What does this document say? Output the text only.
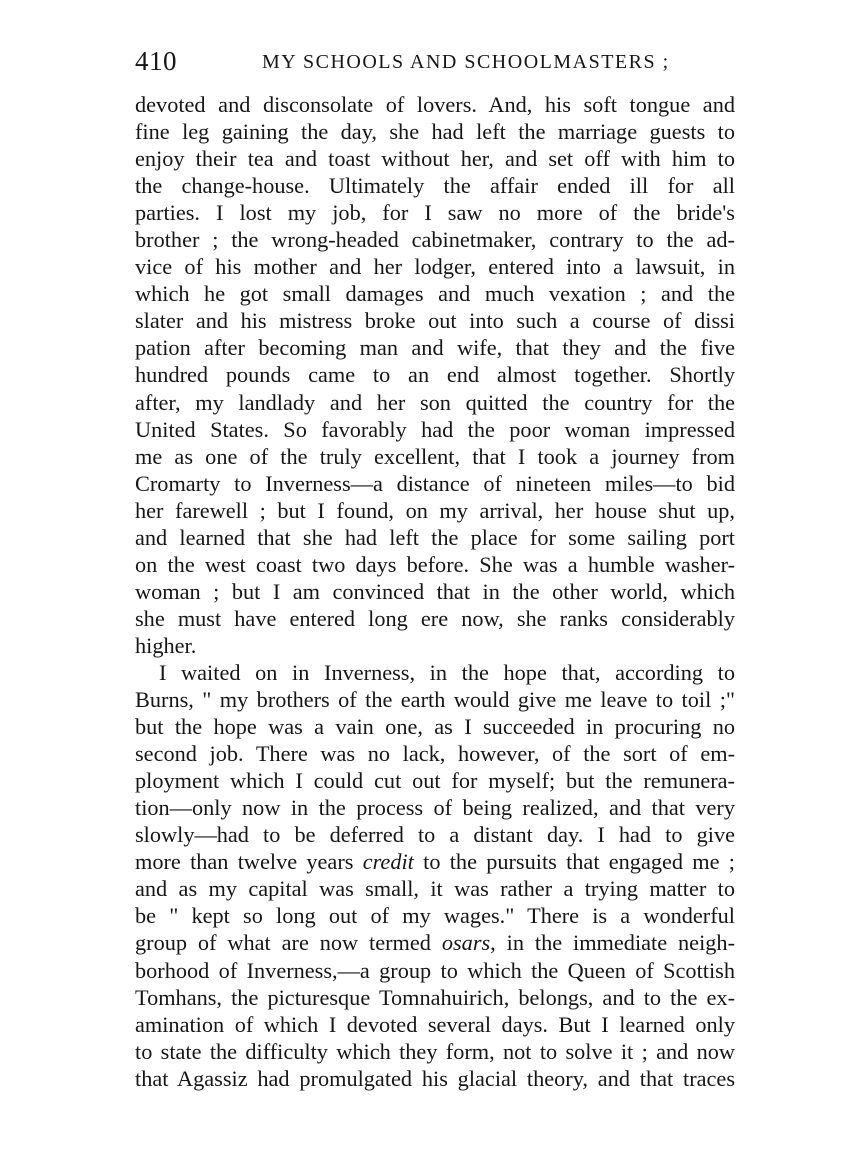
410	MY SCHOOLS AND SCHOOLMASTERS ;
devoted and disconsolate of lovers. And, his soft tongue and
fine leg gaining the day, she had left the marriage guests to
enjoy their tea and toast without her, and set off with him to
the change-house. Ultimately the affair ended ill for all
parties. I lost my job, for I saw no more of the bride's
brother ; the wrong-headed cabinetmaker, contrary to the ad-
vice of his mother and her lodger, entered into a lawsuit, in
which he got small damages and much vexation ; and the
slater and his mistress broke out into such a course of dissi
pation after becoming man and wife, that they and the five
hundred pounds came to an end almost together. Shortly
after, my landlady and her son quitted the country for the
United States. So favorably had the poor woman impressed
me as one of the truly excellent, that I took a journey from
Cromarty to Inverness—a distance of nineteen miles—to bid
her farewell ; but I found, on my arrival, her house shut up,
and learned that she had left the place for some sailing port
on the west coast two days before. She was a humble washer-
woman ; but I am convinced that in the other world, which
she must have entered long ere now, she ranks considerably
higher.
I waited on in Inverness, in the hope that, according to
Burns, " my brothers of the earth would give me leave to toil ;"
but the hope was a vain one, as I succeeded in procuring no
second job. There was no lack, however, of the sort of em-
ployment which I could cut out for myself; but the remunera-
tion—only now in the process of being realized, and that very
slowly—had to be deferred to a distant day. I had to give
more than twelve years credit to the pursuits that engaged me ;
and as my capital was small, it was rather a trying matter to
be " kept so long out of my wages." There is a wonderful
group of what are now termed osars, in the immediate neigh-
borhood of Inverness,—a group to which the Queen of Scottish
Tomhans, the picturesque Tomnahuirich, belongs, and to the ex-
amination of which I devoted several days. But I learned only
to state the difficulty which they form, not to solve it ; and now
that Agassiz had promulgated his glacial theory, and that traces
